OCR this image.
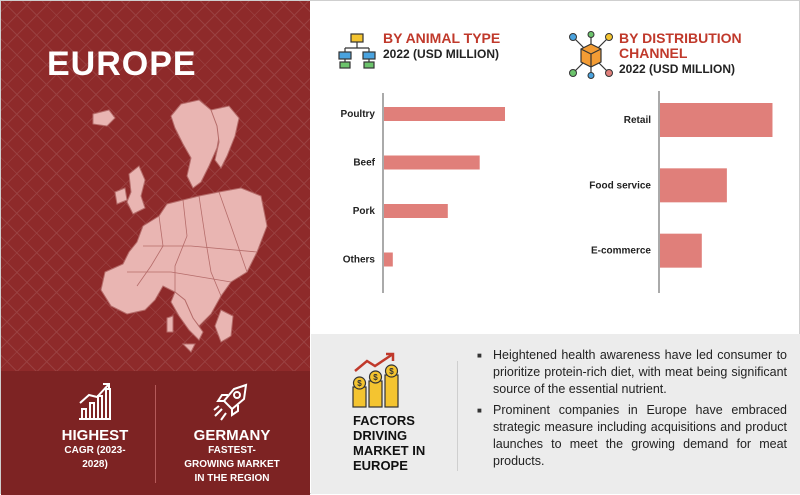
EUROPE
HIGHEST
CAGR (2023-2028)
GERMANY
FASTEST-GROWING MARKET IN THE REGION
BY ANIMAL TYPE
2022 (USD MILLION)
Poultry
Beef
Pork
Others
BY DISTRIBUTION CHANNEL
2022 (USD MILLION)
Retail
Food service
E-commerce
$
$
$
FACTORS DRIVING MARKET IN EUROPE
■ Heightened health awareness have led consumer to prioritize protein-rich diet, with meat being significant source of the essential nutrient.
■ Prominent companies in Europe have embraced strategic measure including acquisitions and product launches to meet the growing demand for meat products.
